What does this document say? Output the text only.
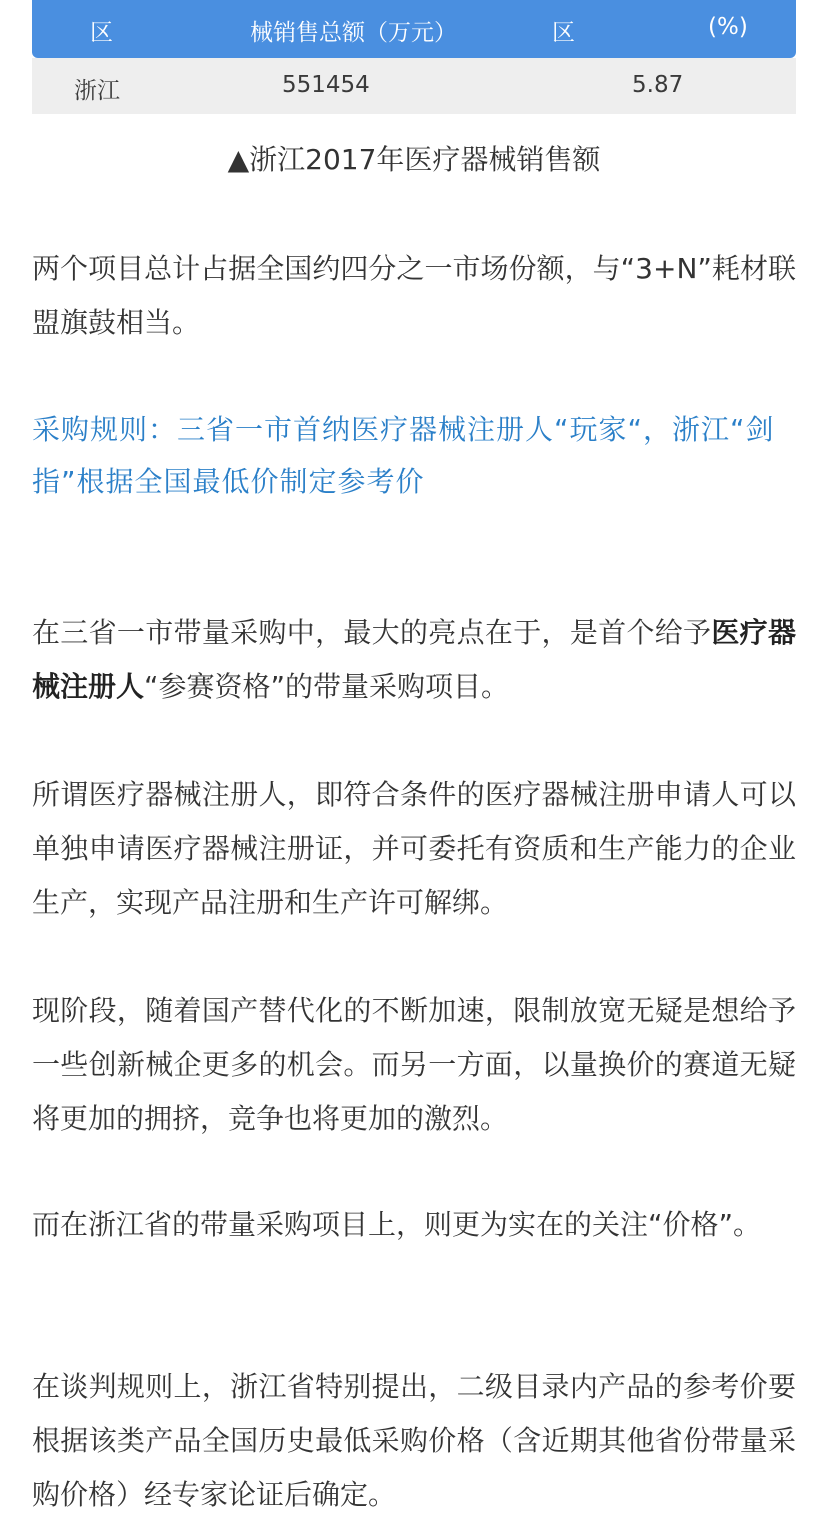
区	械销售总额（万元）	区	(%)
浙江	551454	5.87
▲浙江2017年医疗器械销售额
两个项目总计占据全国约四分之一市场份额，与“3+N”耗材联盟旗鼓相当。
采购规则：三省一市首纳医疗器械注册人“玩家“，浙江“剑指”根据全国最低价制定参考价
在三省一市带量采购中，最大的亮点在于，是首个给予医疗器械注册人“参赛资格”的带量采购项目。
所谓医疗器械注册人，即符合条件的医疗器械注册申请人可以单独申请医疗器械注册证，并可委托有资质和生产能力的企业生产，实现产品注册和生产许可解绑。
现阶段，随着国产替代化的不断加速，限制放宽无疑是想给予一些创新械企更多的机会。而另一方面，以量换价的赛道无疑将更加的拥挤，竞争也将更加的激烈。
而在浙江省的带量采购项目上，则更为实在的关注“价格”。
在谈判规则上，浙江省特别提出，二级目录内产品的参考价要根据该类产品全国历史最低采购价格（含近期其他省份带量采购价格）经专家论证后确定。
